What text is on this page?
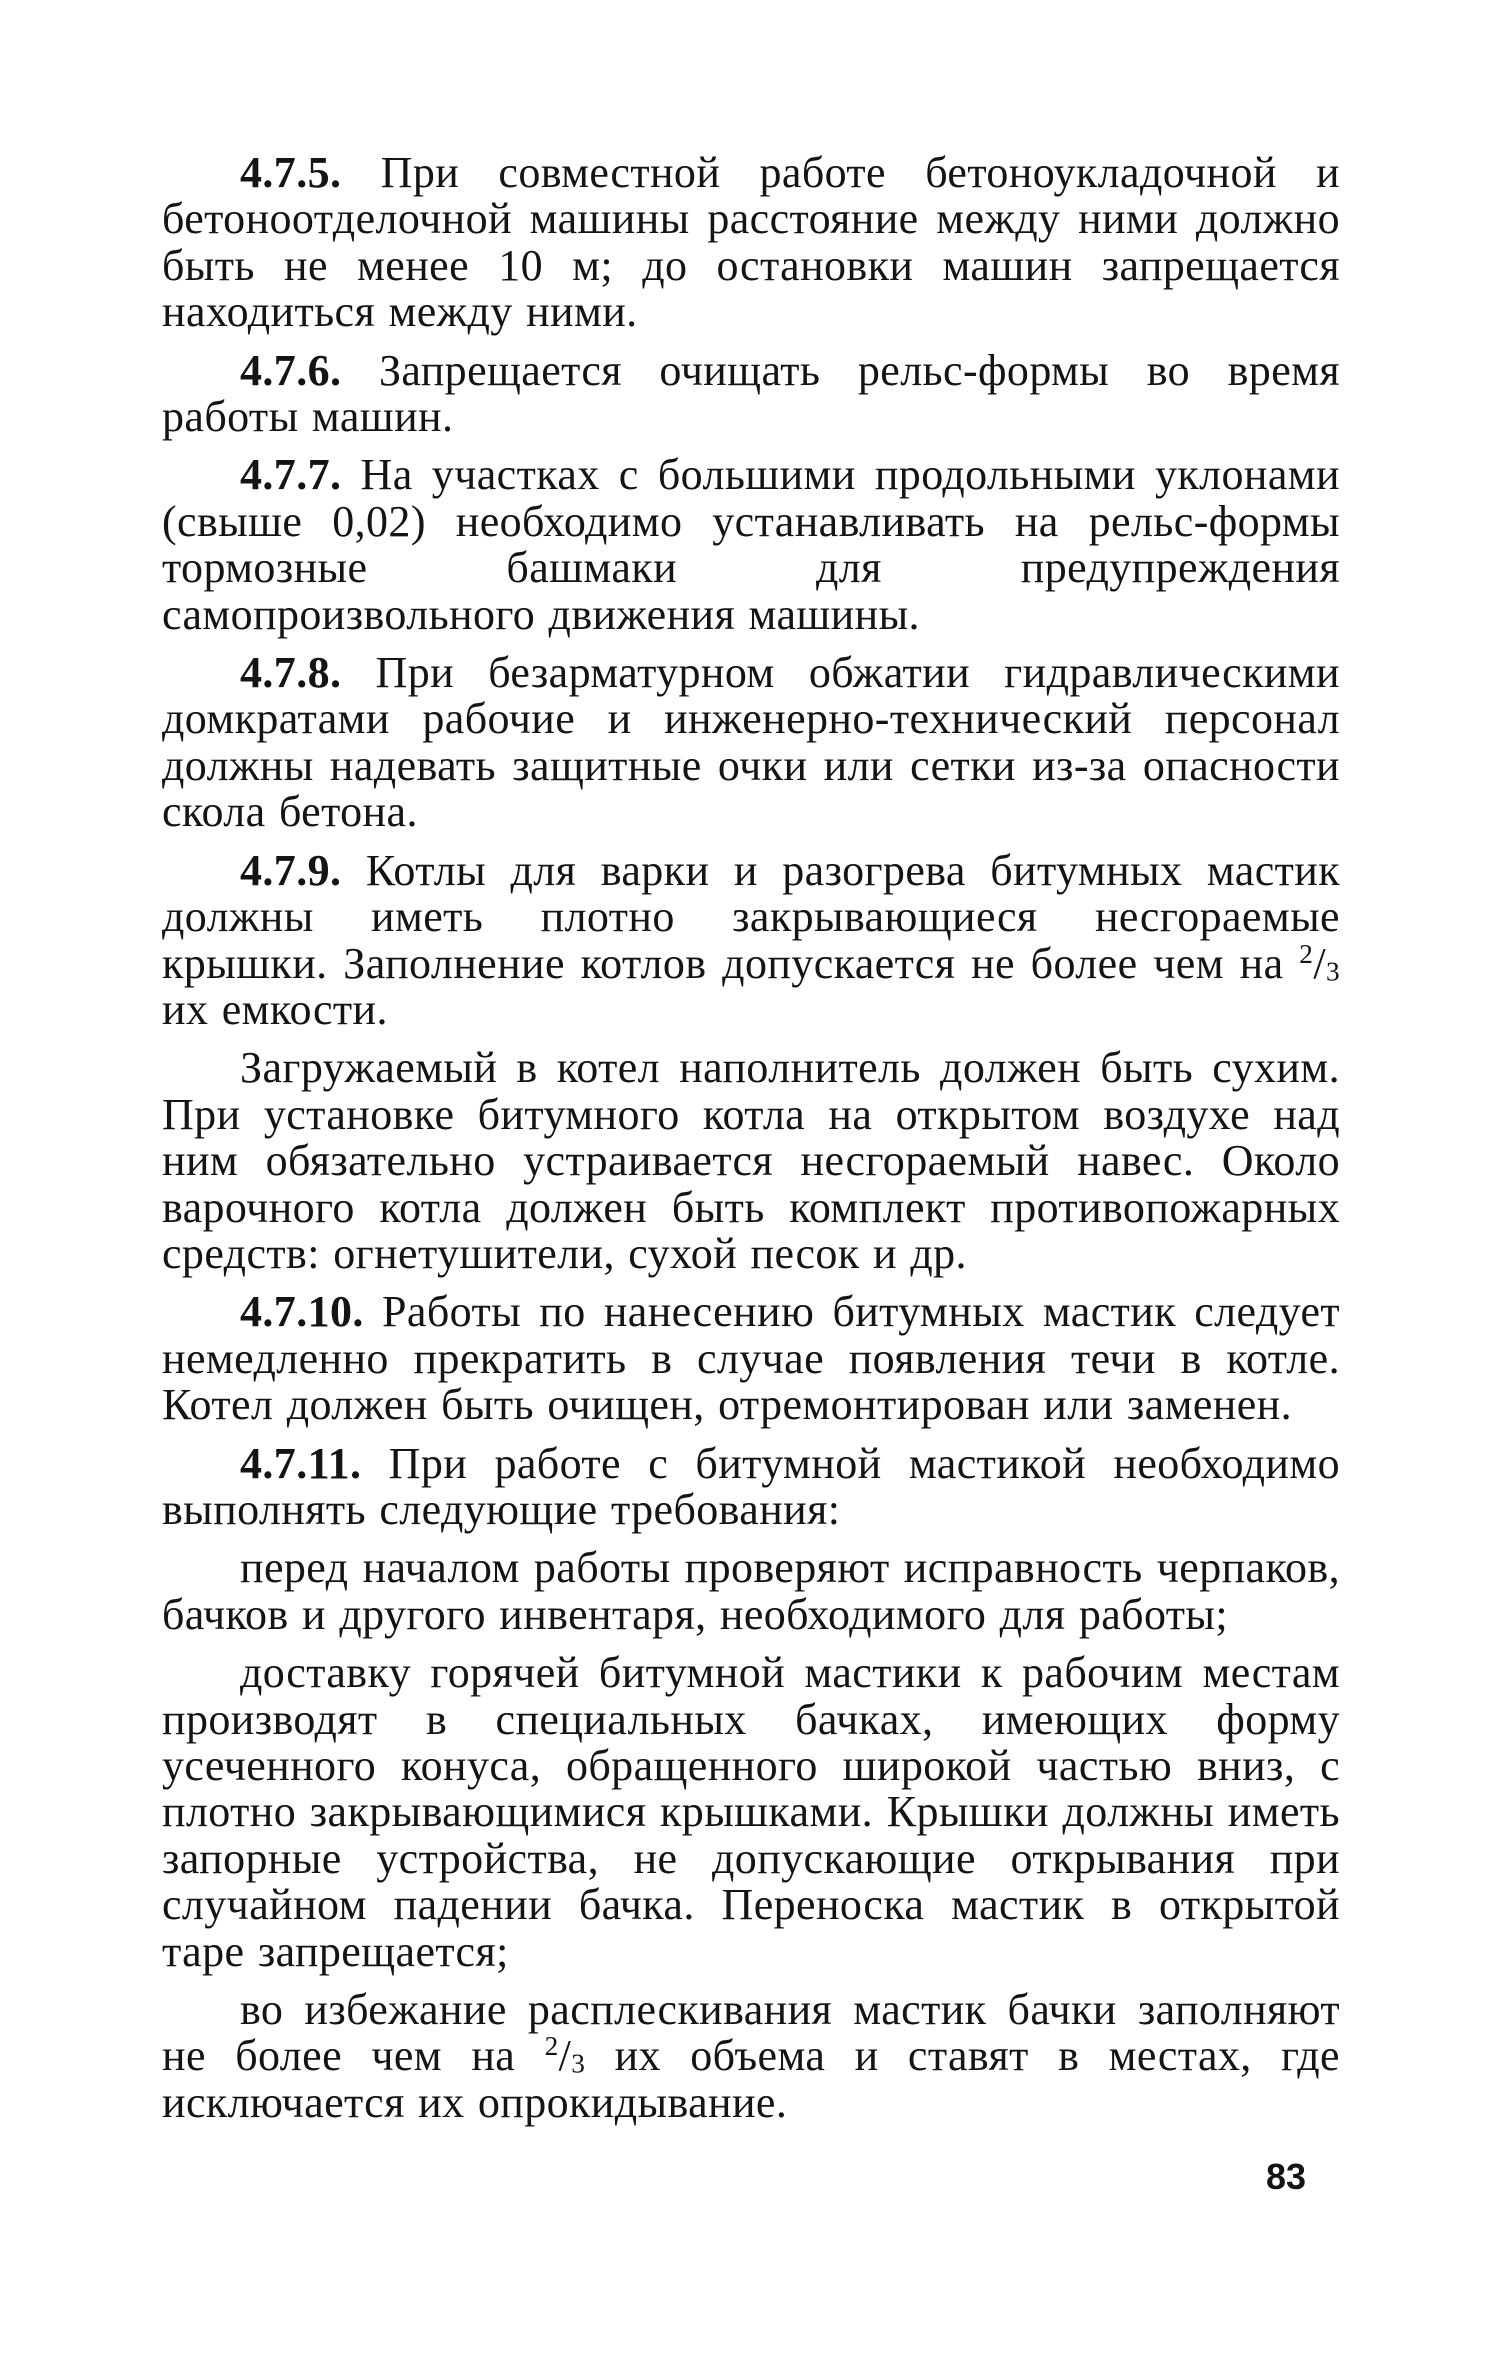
4.7.5. При совместной работе бетоноукладочной и бетоноотделочной машины расстояние между ними должно быть не менее 10 м; до остановки машин запрещается находиться между ними.

4.7.6. Запрещается очищать рельс-формы во время работы машин.

4.7.7. На участках с большими продольными уклонами (свыше 0,02) необходимо устанавливать на рельс-формы тормозные башмаки для предупреждения самопроизвольного движения машины.

4.7.8. При безарматурном обжатии гидравлическими домкратами рабочие и инженерно-технический персонал должны надевать защитные очки или сетки из-за опасности скола бетона.

4.7.9. Котлы для варки и разогрева битумных мастик должны иметь плотно закрывающиеся несгораемые крышки. Заполнение котлов допускается не более чем на $^2/_3$ их емкости.

Загружаемый в котел наполнитель должен быть сухим. При установке битумного котла на открытом воздухе над ним обязательно устраивается несгораемый навес. Около варочного котла должен быть комплект противопожарных средств: огнетушители, сухой песок и др.

4.7.10. Работы по нанесению битумных мастик следует немедленно прекратить в случае появления течи в котле. Котел должен быть очищен, отремонтирован или заменен.

4.7.11. При работе с битумной мастикой необходимо выполнять следующие требования:

перед началом работы проверяют исправность черпаков, бачков и другого инвентаря, необходимого для работы;

доставку горячей битумной мастики к рабочим местам производят в специальных бачках, имеющих форму усеченного конуса, обращенного широкой частью вниз, с плотно закрывающимися крышками. Крышки должны иметь запорные устройства, не допускающие открывания при случайном падении бачка. Переноска мастик в открытой таре запрещается;

во избежание расплескивания мастик бачки заполняют не более чем на $^2/_3$ их объема и ставят в местах, где исключается их опрокидывание.

83
